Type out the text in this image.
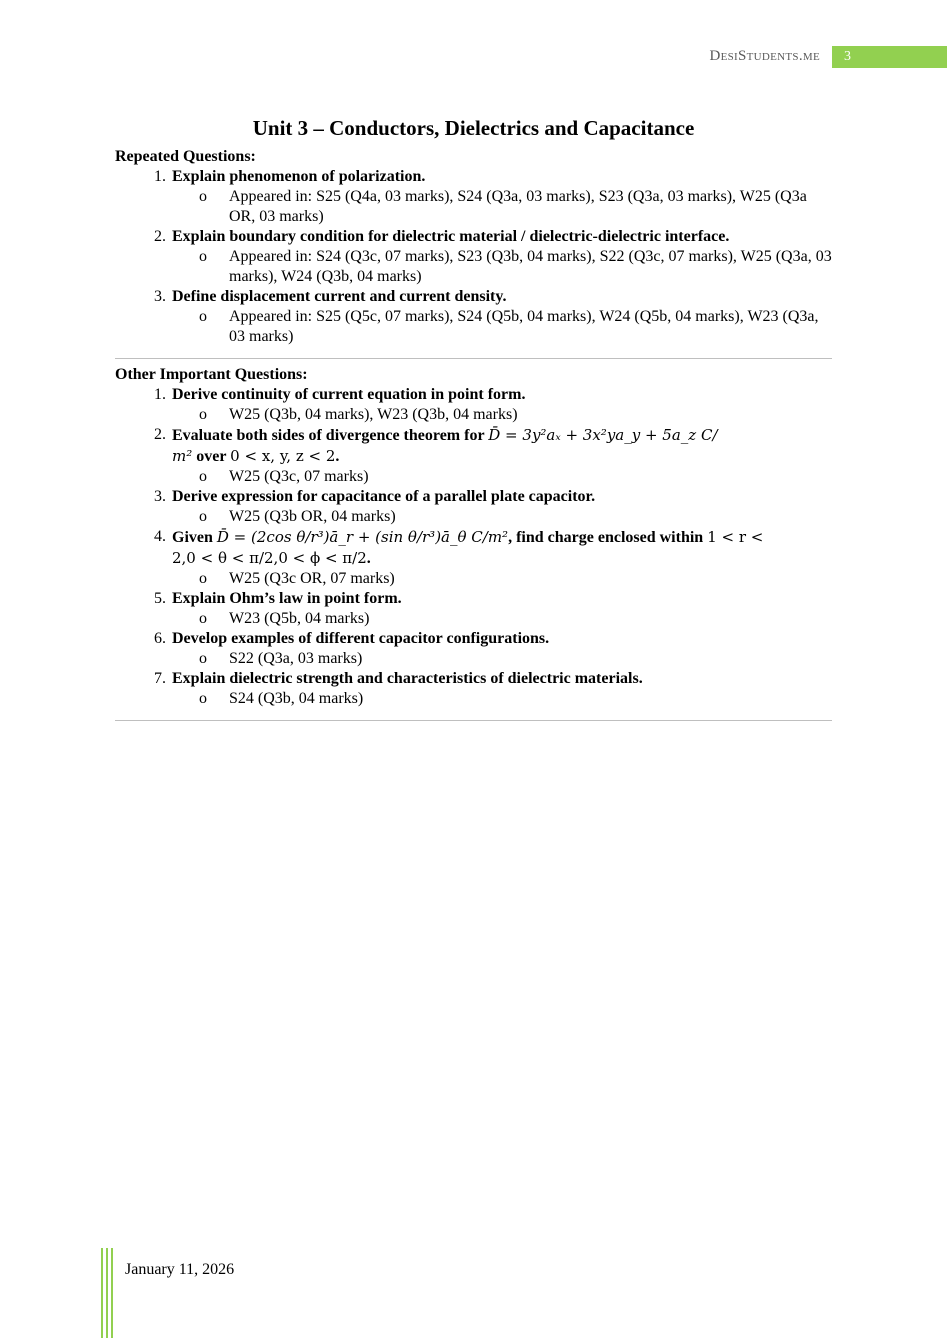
DesiStudents.me	3
Unit 3 – Conductors, Dielectrics and Capacitance
Repeated Questions:
1. Explain phenomenon of polarization.
o Appeared in: S25 (Q4a, 03 marks), S24 (Q3a, 03 marks), S23 (Q3a, 03 marks), W25 (Q3a OR, 03 marks)
2. Explain boundary condition for dielectric material / dielectric-dielectric interface.
o Appeared in: S24 (Q3c, 07 marks), S23 (Q3b, 04 marks), S22 (Q3c, 07 marks), W25 (Q3a, 03 marks), W24 (Q3b, 04 marks)
3. Define displacement current and current density.
o Appeared in: S25 (Q5c, 07 marks), S24 (Q5b, 04 marks), W24 (Q5b, 04 marks), W23 (Q3a, 03 marks)
Other Important Questions:
1. Derive continuity of current equation in point form.
o W25 (Q3b, 04 marks), W23 (Q3b, 04 marks)
2. Evaluate both sides of divergence theorem for D̄ = 3y²aₓ + 3x²ya_y + 5a_z C/
m² over 0 < x, y, z < 2.
o W25 (Q3c, 07 marks)
3. Derive expression for capacitance of a parallel plate capacitor.
o W25 (Q3b OR, 04 marks)
4. Given D̄ = (2cos θ/r³)ā_r + (sin θ/r³)ā_θ C/m², find charge enclosed within 1 < r <
2,0 < θ < π/2,0 < ϕ < π/2.
o W25 (Q3c OR, 07 marks)
5. Explain Ohm’s law in point form.
o W23 (Q5b, 04 marks)
6. Develop examples of different capacitor configurations.
o S22 (Q3a, 03 marks)
7. Explain dielectric strength and characteristics of dielectric materials.
o S24 (Q3b, 04 marks)
January 11, 2026
